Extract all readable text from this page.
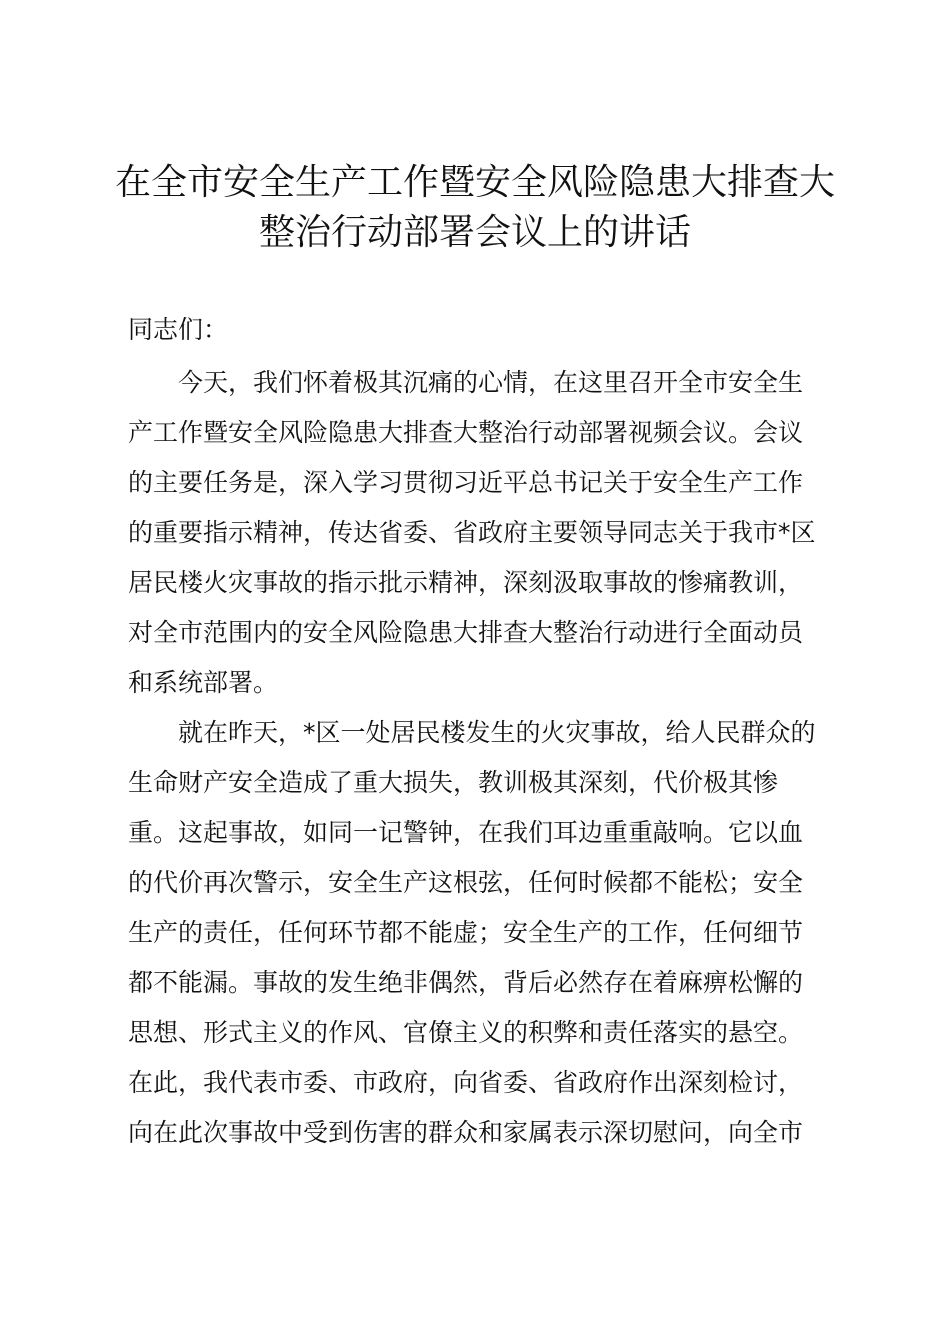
在全市安全生产工作暨安全风险隐患大排查大
整治行动部署会议上的讲话

同志们：

今天，我们怀着极其沉痛的心情，在这里召开全市安全生
产工作暨安全风险隐患大排查大整治行动部署视频会议。会议
的主要任务是，深入学习贯彻习近平总书记关于安全生产工作
的重要指示精神，传达省委、省政府主要领导同志关于我市*区
居民楼火灾事故的指示批示精神，深刻汲取事故的惨痛教训，
对全市范围内的安全风险隐患大排查大整治行动进行全面动员
和系统部署。
就在昨天，*区一处居民楼发生的火灾事故，给人民群众的
生命财产安全造成了重大损失，教训极其深刻，代价极其惨
重。这起事故，如同一记警钟，在我们耳边重重敲响。它以血
的代价再次警示，安全生产这根弦，任何时候都不能松；安全
生产的责任，任何环节都不能虚；安全生产的工作，任何细节
都不能漏。事故的发生绝非偶然，背后必然存在着麻痹松懈的
思想、形式主义的作风、官僚主义的积弊和责任落实的悬空。
在此，我代表市委、市政府，向省委、省政府作出深刻检讨，
向在此次事故中受到伤害的群众和家属表示深切慰问，向全市
